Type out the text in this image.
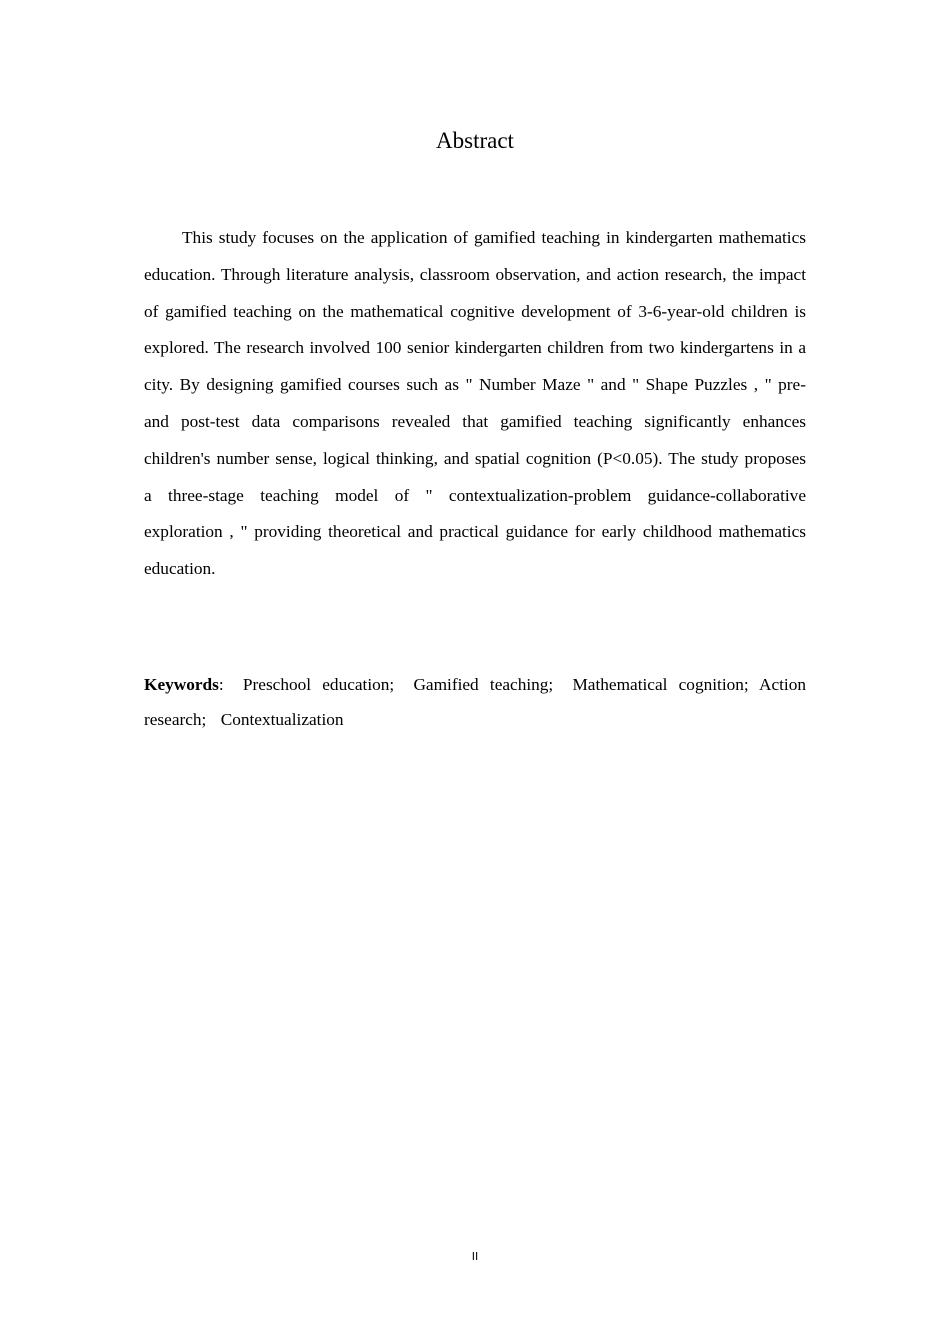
Abstract

This study focuses on the application of gamified teaching in kindergarten mathematics education. Through literature analysis, classroom observation, and action research, the impact of gamified teaching on the mathematical cognitive development of 3-6-year-old children is explored. The research involved 100 senior kindergarten children from two kindergartens in a city. By designing gamified courses such as " Number Maze " and " Shape Puzzles , " pre- and post-test data comparisons revealed that gamified teaching significantly enhances children's number sense, logical thinking, and spatial cognition (P<0.05). The study proposes a three-stage teaching model of " contextualization-problem guidance-collaborative exploration , " providing theoretical and practical guidance for early childhood mathematics education.

Keywords: Preschool education; Gamified teaching; Mathematical cognition; Action research; Contextualization

II
